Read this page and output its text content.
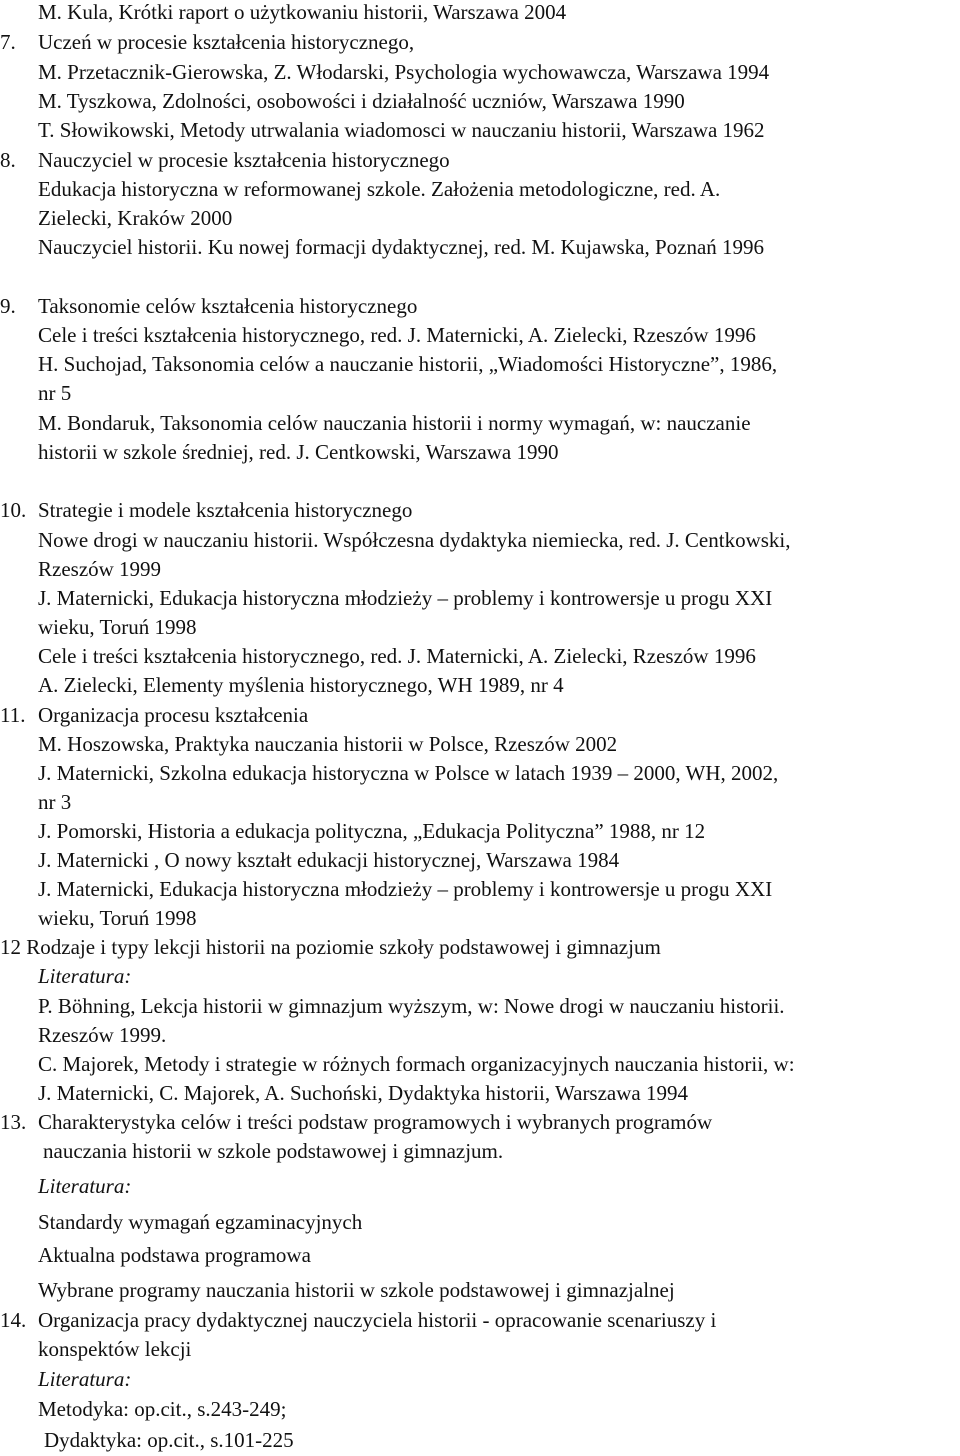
M. Kula, Krótki raport o użytkowaniu historii, Warszawa 2004
7. Uczeń w procesie kształcenia historycznego,
M. Przetacznik-Gierowska, Z. Włodarski, Psychologia wychowawcza, Warszawa 1994
M. Tyszkowa, Zdolności, osobowości i działalność uczniów, Warszawa 1990
T. Słowikowski, Metody utrwalania wiadomosci w nauczaniu historii, Warszawa 1962
8. Nauczyciel w procesie kształcenia historycznego
Edukacja historyczna w reformowanej szkole. Założenia metodologiczne, red. A.
Zielecki, Kraków 2000
Nauczyciel historii. Ku nowej formacji dydaktycznej, red. M. Kujawska, Poznań 1996
9. Taksonomie celów kształcenia historycznego
Cele i treści kształcenia historycznego, red. J. Maternicki, A. Zielecki, Rzeszów 1996
H. Suchojad, Taksonomia celów a nauczanie historii, „Wiadomości Historyczne”, 1986,
nr 5
M. Bondaruk, Taksonomia celów nauczania historii i normy wymagań, w: nauczanie
historii w szkole średniej, red. J. Centkowski, Warszawa 1990
10. Strategie i modele kształcenia historycznego
Nowe drogi w nauczaniu historii. Współczesna dydaktyka niemiecka, red. J. Centkowski,
Rzeszów 1999
J. Maternicki, Edukacja historyczna młodzieży – problemy i kontrowersje u progu XXI
wieku, Toruń 1998
Cele i treści kształcenia historycznego, red. J. Maternicki, A. Zielecki, Rzeszów 1996
A. Zielecki, Elementy myślenia historycznego, WH 1989, nr 4
11. Organizacja procesu kształcenia
M. Hoszowska, Praktyka nauczania historii w Polsce, Rzeszów 2002
J. Maternicki, Szkolna edukacja historyczna w Polsce w latach 1939 – 2000, WH, 2002,
nr 3
J. Pomorski, Historia a edukacja polityczna, „Edukacja Polityczna” 1988, nr 12
J. Maternicki , O nowy kształt edukacji historycznej, Warszawa 1984
J. Maternicki, Edukacja historyczna młodzieży – problemy i kontrowersje u progu XXI
wieku, Toruń 1998
12 Rodzaje i typy lekcji historii na poziomie szkoły podstawowej i gimnazjum
Literatura:
P. Böhning, Lekcja historii w gimnazjum wyższym, w: Nowe drogi w nauczaniu historii.
Rzeszów 1999.
C. Majorek, Metody i strategie w różnych formach organizacyjnych nauczania historii, w:
J. Maternicki, C. Majorek, A. Suchoński, Dydaktyka historii, Warszawa 1994
13. Charakterystyka celów i treści podstaw programowych i wybranych programów
nauczania historii w szkole podstawowej i gimnazjum.
Literatura:
Standardy wymagań egzaminacyjnych
Aktualna podstawa programowa
Wybrane programy nauczania historii w szkole podstawowej i gimnazjalnej
14. Organizacja pracy dydaktycznej nauczyciela historii - opracowanie scenariuszy i
konspektów lekcji
Literatura:
Metodyka: op.cit., s.243-249;
Dydaktyka: op.cit., s.101-225
